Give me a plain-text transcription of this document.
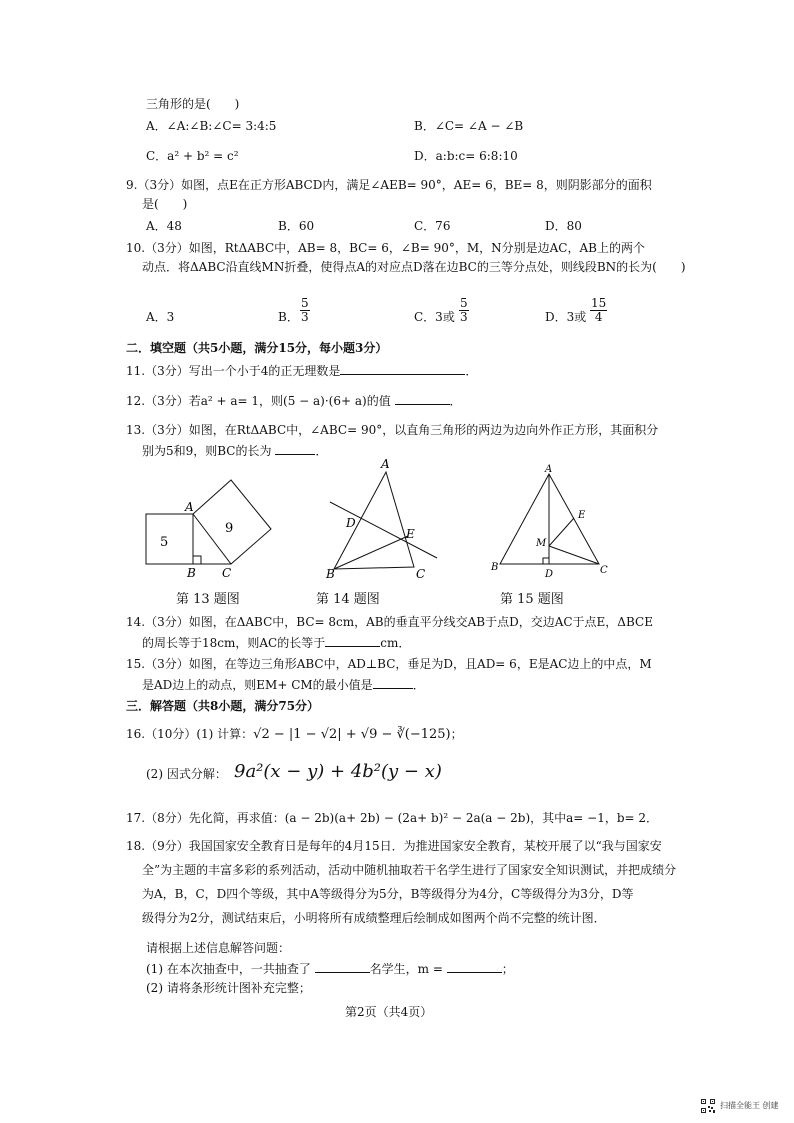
三角形的是(　　)
A．∠A:∠B:∠C= 3:4:5	B．∠C= ∠A − ∠B
C．a² + b² = c²	D．a:b:c= 6:8:10
9.（3分）如图，点E在正方形ABCD内，满足∠AEB= 90°，AE= 6，BE= 8，则阴影部分的面积
是(　　)
A．48	B．60	C．76	D．80
10.（3分）如图，RtΔABC中，AB= 8，BC= 6，∠B= 90°，M，N分别是边AC，AB上的两个
动点．将ΔABC沿直线MN折叠，使得点A的对应点D落在边BC的三等分点处，则线段BN的长为(　　)
A．3	B． $\frac{5}{3}$	C．3或 $\frac{5}{3}$	D．3或 $\frac{15}{4}$
二．填空题（共5小题，满分15分，每小题3分）
11.（3分）写出一个小于4的正无理数是	．
12.（3分）若a² + a= 1，则(5 − a)·(6+ a)的值	．
13.（3分）如图，在RtΔABC中，∠ABC= 90°，以直角三角形的两边为边向外作正方形，其面积分
别为5和9，则BC的长为	．
5
9
A
B C
A
B	C
D
E
A
B	C
D
E
M
第 13 题图	第 14 题图	第 15 题图
14.（3分）如图，在ΔABC中，BC= 8cm，AB的垂直平分线交AB于点D，交边AC于点E，ΔBCE
的周长等于18cm，则AC的长等于	cm．
15.（3分）如图，在等边三角形ABC中，AD⊥BC，垂足为D，且AD= 6，E是AC边上的中点，M
是AD边上的动点，则EM+ CM的最小值是	．
三．解答题（共8小题，满分75分）
16.（10分）(1) 计算：√2 − |1 − √2| + √9 − ∛(−125)；
(2) 因式分解： 9a²(x − y) + 4b²(y − x)
17.（8分）先化简，再求值：(a − 2b)(a+ 2b) − (2a+ b)² − 2a(a − 2b)，其中a= −1，b= 2．
18.（9分）我国国家安全教育日是每年的4月15日．为推进国家安全教育，某校开展了以“我与国家安
全”为主题的丰富多彩的系列活动，活动中随机抽取若干名学生进行了国家安全知识测试，并把成绩分
为A，B，C，D四个等级，其中A等级得分为5分，B等级得分为4分，C等级得分为3分，D等
级得分为2分，测试结束后，小明将所有成绩整理后绘制成如图两个尚不完整的统计图．
请根据上述信息解答问题：
(1) 在本次抽查中，一共抽查了	名学生，m =	；
(2) 请将条形统计图补充完整；
第2页（共4页）
扫描全能王 创建
